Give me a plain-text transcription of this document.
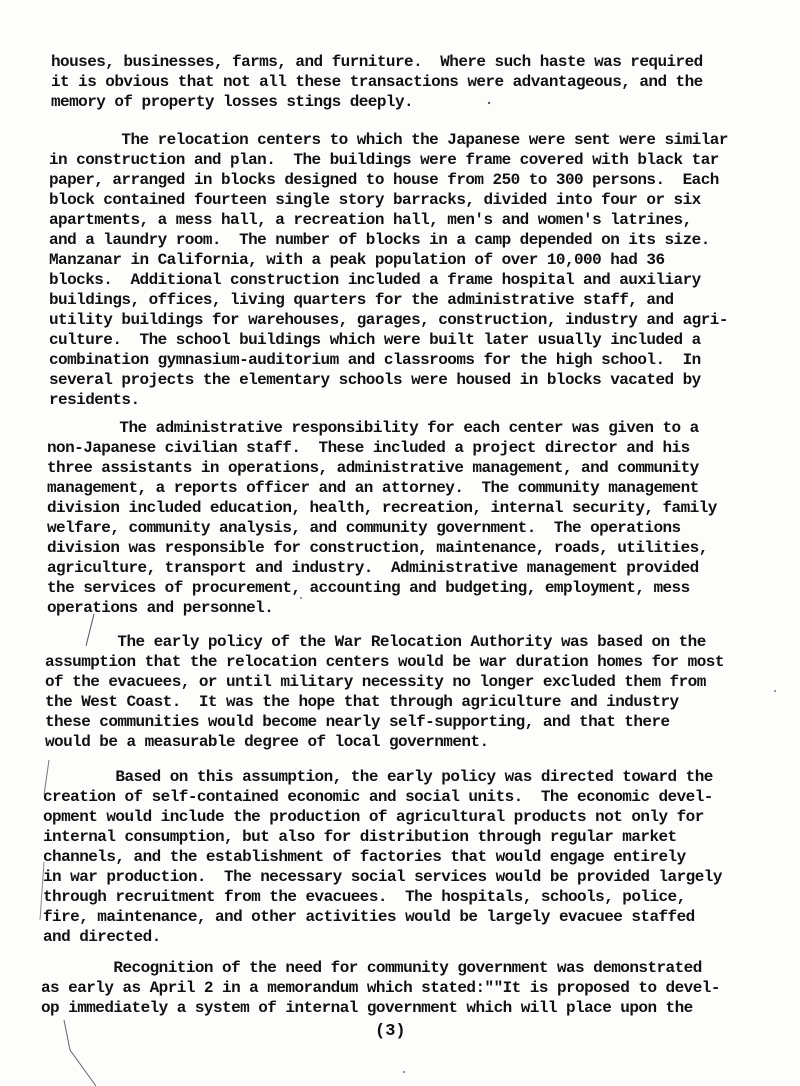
houses, businesses, farms, and furniture.  Where such haste was required
it is obvious that not all these transactions were advantageous, and the
memory of property losses stings deeply.
The relocation centers to which the Japanese were sent were similar
in construction and plan.  The buildings were frame covered with black tar
paper, arranged in blocks designed to house from 250 to 300 persons.  Each
block contained fourteen single story barracks, divided into four or six
apartments, a mess hall, a recreation hall, men's and women's latrines,
and a laundry room.  The number of blocks in a camp depended on its size.
Manzanar in California, with a peak population of over 10,000 had 36
blocks.  Additional construction included a frame hospital and auxiliary
buildings, offices, living quarters for the administrative staff, and
utility buildings for warehouses, garages, construction, industry and agri-
culture.  The school buildings which were built later usually included a
combination gymnasium-auditorium and classrooms for the high school.  In
several projects the elementary schools were housed in blocks vacated by
residents.
The administrative responsibility for each center was given to a
non-Japanese civilian staff.  These included a project director and his
three assistants in operations, administrative management, and community
management, a reports officer and an attorney.  The community management
division included education, health, recreation, internal security, family
welfare, community analysis, and community government.  The operations
division was responsible for construction, maintenance, roads, utilities,
agriculture, transport and industry.  Administrative management provided
the services of procurement, accounting and budgeting, employment, mess
operations and personnel.
The early policy of the War Relocation Authority was based on the
assumption that the relocation centers would be war duration homes for most
of the evacuees, or until military necessity no longer excluded them from
the West Coast.  It was the hope that through agriculture and industry
these communities would become nearly self-supporting, and that there
would be a measurable degree of local government.
Based on this assumption, the early policy was directed toward the
creation of self-contained economic and social units.  The economic devel-
opment would include the production of agricultural products not only for
internal consumption, but also for distribution through regular market
channels, and the establishment of factories that would engage entirely
in war production.  The necessary social services would be provided largely
through recruitment from the evacuees.  The hospitals, schools, police,
fire, maintenance, and other activities would be largely evacuee staffed
and directed.
Recognition of the need for community government was demonstrated
as early as April 2 in a memorandum which stated:""It is proposed to devel-
op immediately a system of internal government which will place upon the
(3)
